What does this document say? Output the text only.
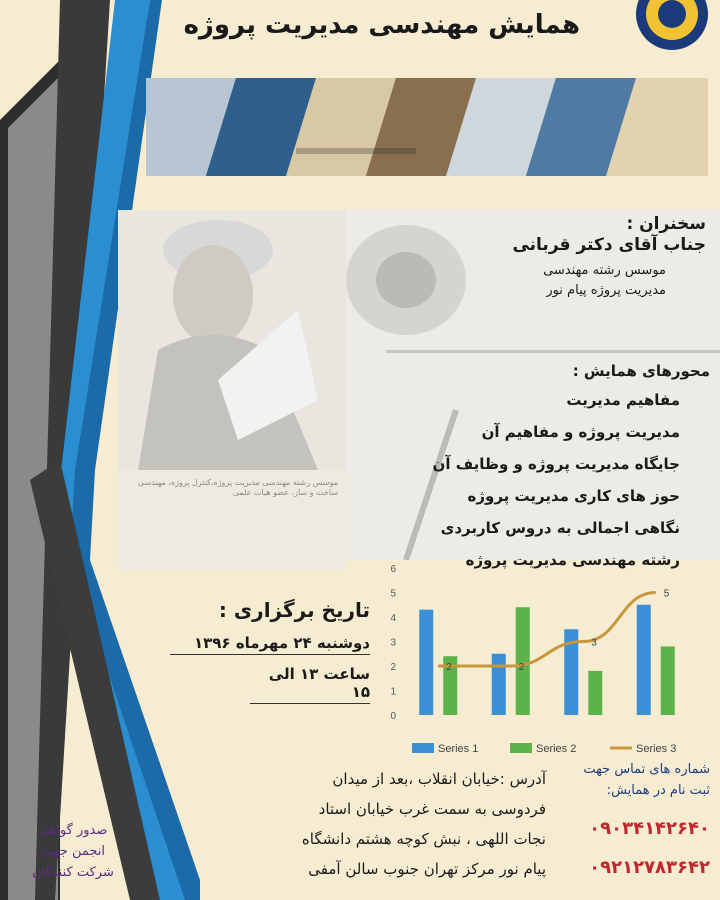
همایش مهندسی مدیریت پروژه
موسس رشته مهندسی مدیریت پروژه،کنترل پروژه، مهندسی ساخت و ساز، عضو هیات علمی
سخنران :
جناب آقای دکتر قربانی
موسس رشته مهندسی
مدیریت پروژه پیام نور
محورهای همایش :
مفاهیم مدیریت
مدیریت پروژه و مفاهیم آن
جایگاه مدیریت پروژه و وظایف آن
حوز های کاری مدیریت پروژه
نگاهی اجمالی به دروس کاربردی
رشته مهندسی مدیریت پروژه
تاریخ برگزاری :
دوشنبه ۲۴ مهرماه ۱۳۹۶
ساعت ۱۳ الی ۱۵
0
1
2
3
4
5
6
2	2
3
5
Series 1	Series 2	Series 3
آدرس :خیابان انقلاب ،بعد از میدان
فردوسی به سمت غرب خیابان استاد
نجات اللهی ، نبش کوچه هشتم دانشگاه
پیام نور مرکز تهران جنوب سالن آمفی
شماره های تماس جهت
ثبت نام در همایش:
۰۹۰۳۴۱۴۲۶۴۰
۰۹۲۱۲۷۸۳۶۴۲
صدور گواهی
انجمن جهت
شرکت کنندگان
